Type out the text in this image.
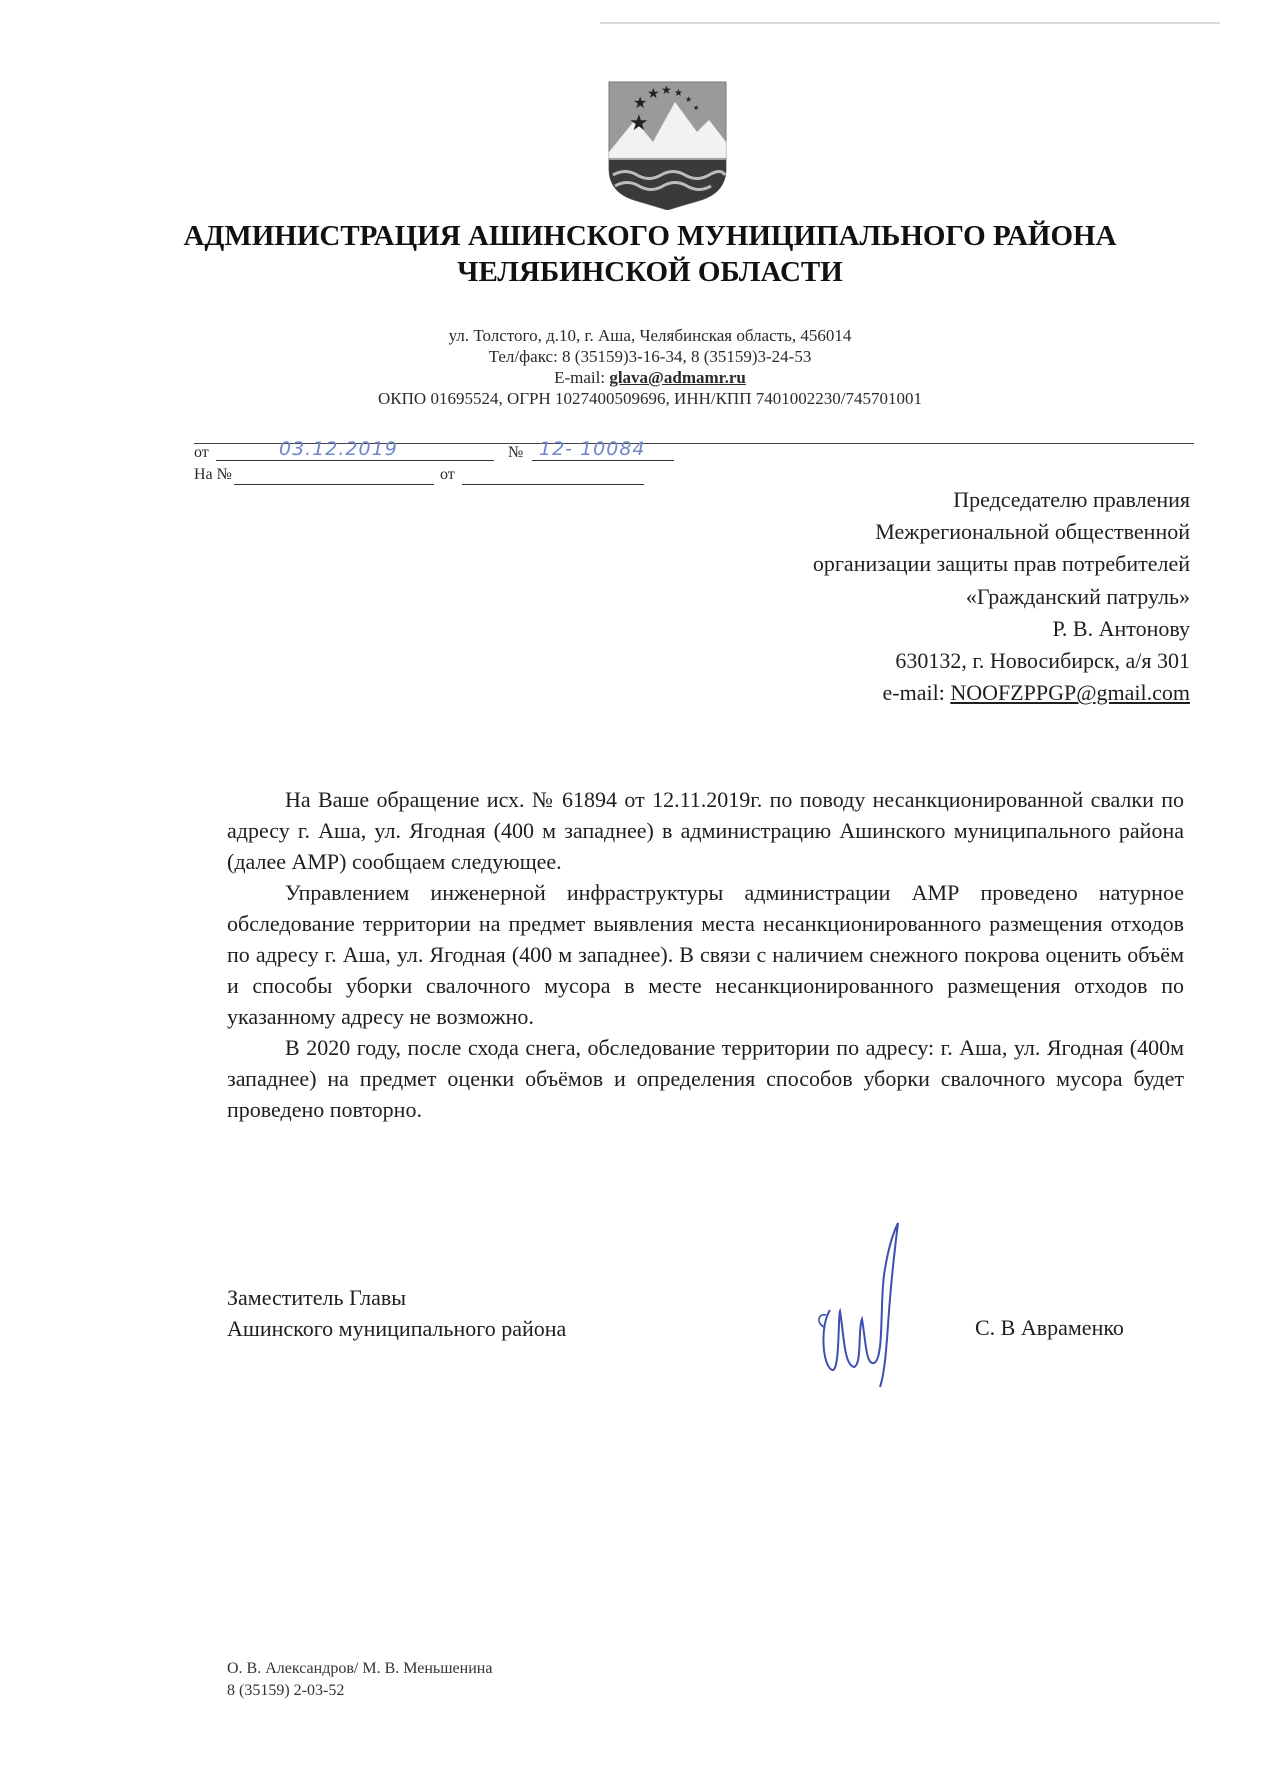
★
★ ★ ★ ★
★
★
АДМИНИСТРАЦИЯ АШИНСКОГО МУНИЦИПАЛЬНОГО РАЙОНА
ЧЕЛЯБИНСКОЙ ОБЛАСТИ
ул. Толстого, д.10, г. Аша, Челябинская область, 456014
Тел/факс: 8 (35159)3-16-34, 8 (35159)3-24-53
E-mail: glava@admamr.ru
ОКПО 01695524, ОГРН 1027400509696, ИНН/КПП 7401002230/745701001
от	03.12.2019	№ 12- 10084
На №	от
Председателю правления
Межрегиональной общественной
организации защиты прав потребителей
«Гражданский патруль»
Р. В. Антонову
630132, г. Новосибирск, а/я 301
e-mail: NOOFZPPGP@gmail.com

На Ваше обращение исх. № 61894 от 12.11.2019г. по поводу несанкционированной свалки по адресу г. Аша, ул. Ягодная (400 м западнее) в администрацию Ашинского муниципального района (далее АМР) сообщаем следующее.

Управлением инженерной инфраструктуры администрации АМР проведено натурное обследование территории на предмет выявления места несанкционированного размещения отходов по адресу г. Аша, ул. Ягодная (400 м западнее). В связи с наличием снежного покрова оценить объём и способы уборки свалочного мусора в месте несанкционированного размещения отходов по указанному адресу не возможно.

В 2020 году, после схода снега, обследование территории по адресу: г. Аша, ул. Ягодная (400м западнее) на предмет оценки объёмов и определения способов уборки свалочного мусора будет проведено повторно.

Заместитель Главы
Ашинского муниципального района	С. В Авраменко
О. В. Александров/ М. В. Меньшенина
8 (35159) 2-03-52
